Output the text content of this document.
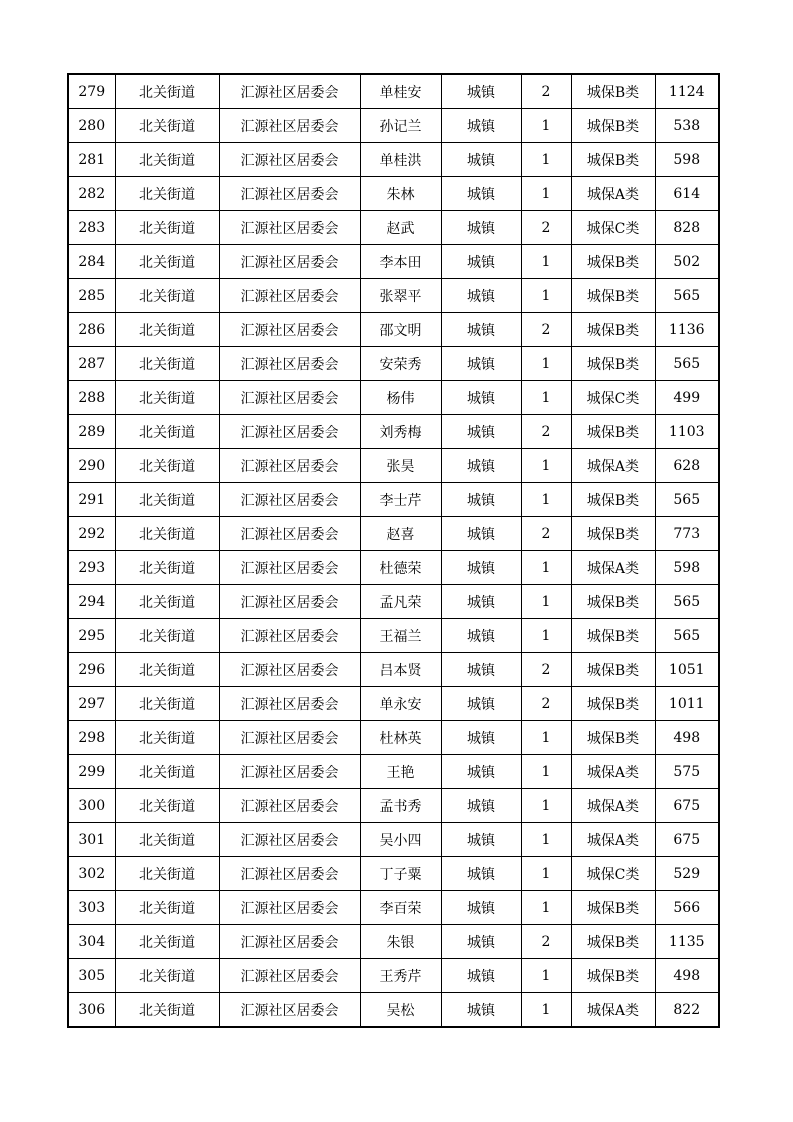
279	北关街道	汇源社区居委会	单桂安	城镇	2	城保B类	1124
280	北关街道	汇源社区居委会	孙记兰	城镇	1	城保B类	538
281	北关街道	汇源社区居委会	单桂洪	城镇	1	城保B类	598
282	北关街道	汇源社区居委会	朱林	城镇	1	城保A类	614
283	北关街道	汇源社区居委会	赵武	城镇	2	城保C类	828
284	北关街道	汇源社区居委会	李本田	城镇	1	城保B类	502
285	北关街道	汇源社区居委会	张翠平	城镇	1	城保B类	565
286	北关街道	汇源社区居委会	邵文明	城镇	2	城保B类	1136
287	北关街道	汇源社区居委会	安荣秀	城镇	1	城保B类	565
288	北关街道	汇源社区居委会	杨伟	城镇	1	城保C类	499
289	北关街道	汇源社区居委会	刘秀梅	城镇	2	城保B类	1103
290	北关街道	汇源社区居委会	张昊	城镇	1	城保A类	628
291	北关街道	汇源社区居委会	李士芹	城镇	1	城保B类	565
292	北关街道	汇源社区居委会	赵喜	城镇	2	城保B类	773
293	北关街道	汇源社区居委会	杜德荣	城镇	1	城保A类	598
294	北关街道	汇源社区居委会	孟凡荣	城镇	1	城保B类	565
295	北关街道	汇源社区居委会	王福兰	城镇	1	城保B类	565
296	北关街道	汇源社区居委会	吕本贤	城镇	2	城保B类	1051
297	北关街道	汇源社区居委会	单永安	城镇	2	城保B类	1011
298	北关街道	汇源社区居委会	杜林英	城镇	1	城保B类	498
299	北关街道	汇源社区居委会	王艳	城镇	1	城保A类	575
300	北关街道	汇源社区居委会	孟书秀	城镇	1	城保A类	675
301	北关街道	汇源社区居委会	吴小四	城镇	1	城保A类	675
302	北关街道	汇源社区居委会	丁子粟	城镇	1	城保C类	529
303	北关街道	汇源社区居委会	李百荣	城镇	1	城保B类	566
304	北关街道	汇源社区居委会	朱银	城镇	2	城保B类	1135
305	北关街道	汇源社区居委会	王秀芹	城镇	1	城保B类	498
306	北关街道	汇源社区居委会	吴松	城镇	1	城保A类	822
